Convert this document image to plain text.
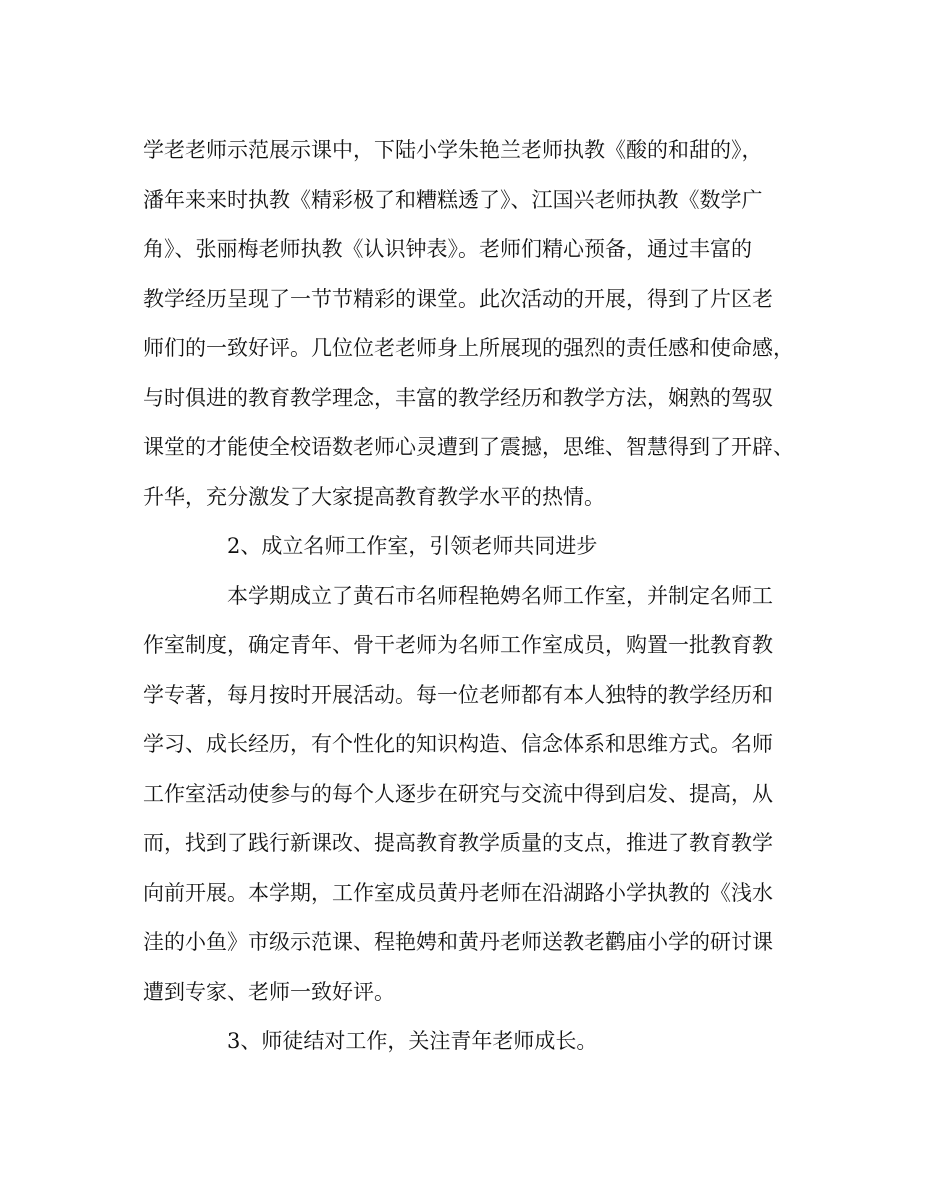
学老老师示范展示课中，下陆小学朱艳兰老师执教《酸的和甜的》，
潘年来来时执教《精彩极了和糟糕透了》、江国兴老师执教《数学广
角》、张丽梅老师执教《认识钟表》。老师们精心预备，通过丰富的
教学经历呈现了一节节精彩的课堂。此次活动的开展，得到了片区老
师们的一致好评。几位位老老师身上所展现的强烈的责任感和使命感，
与时俱进的教育教学理念，丰富的教学经历和教学方法，娴熟的驾驭
课堂的才能使全校语数老师心灵遭到了震撼，思维、智慧得到了开辟、
升华，充分激发了大家提高教育教学水平的热情。
2、成立名师工作室，引领老师共同进步
本学期成立了黄石市名师程艳娉名师工作室，并制定名师工
作室制度，确定青年、骨干老师为名师工作室成员，购置一批教育教
学专著，每月按时开展活动。每一位老师都有本人独特的教学经历和
学习、成长经历，有个性化的知识构造、信念体系和思维方式。名师
工作室活动使参与的每个人逐步在研究与交流中得到启发、提高，从
而，找到了践行新课改、提高教育教学质量的支点，推进了教育教学
向前开展。本学期，工作室成员黄丹老师在沿湖路小学执教的《浅水
洼的小鱼》市级示范课、程艳娉和黄丹老师送教老鹳庙小学的研讨课
遭到专家、老师一致好评。
3、师徒结对工作，关注青年老师成长。
